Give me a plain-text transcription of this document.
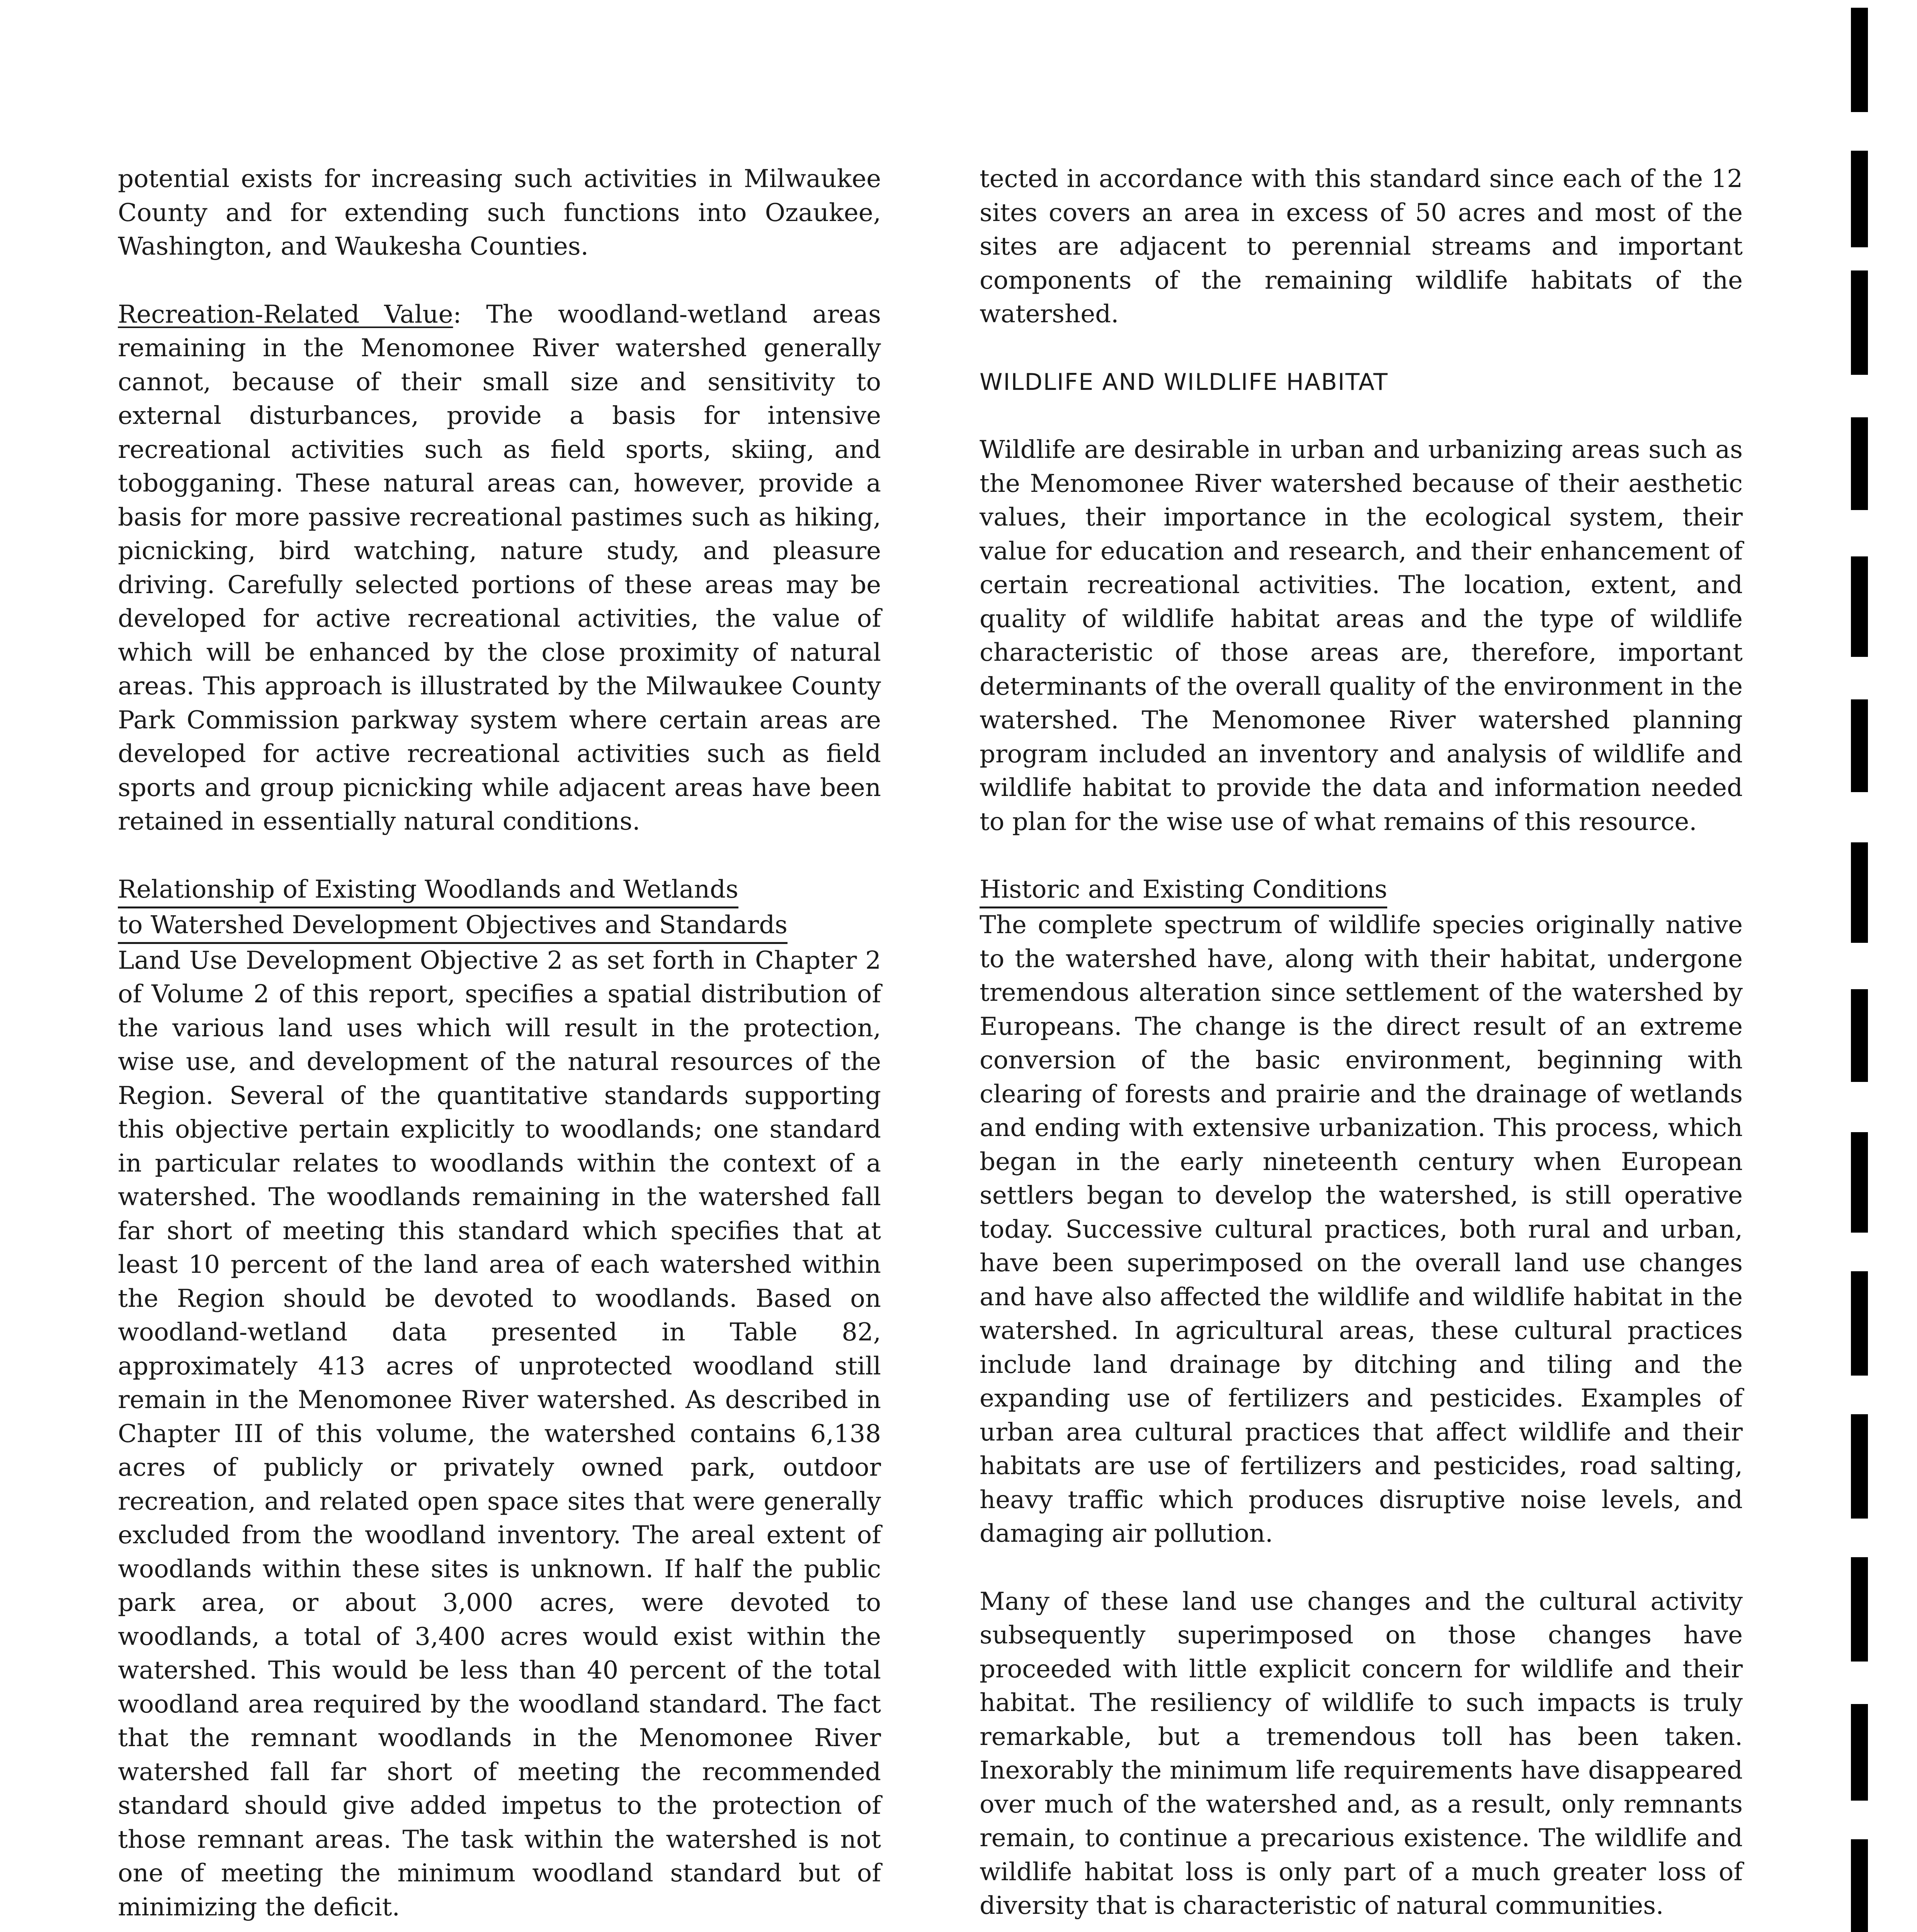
potential exists for increasing such activities in Milwaukee County and for extending such functions into Ozaukee, Washington, and Waukesha Counties.

Recreation-Related Value: The woodland-wetland areas remaining in the Menomonee River watershed generally cannot, because of their small size and sensitivity to external disturbances, provide a basis for intensive recreational activities such as field sports, skiing, and tobogganing. These natural areas can, however, provide a basis for more passive recreational pastimes such as hiking, picnicking, bird watching, nature study, and pleasure driving. Carefully selected portions of these areas may be developed for active recreational activities, the value of which will be enhanced by the close proximity of natural areas. This approach is illustrated by the Milwaukee County Park Commission parkway system where certain areas are developed for active recreational activities such as field sports and group picnicking while adjacent areas have been retained in essentially natural conditions.

Relationship of Existing Woodlands and Wetlands
to Watershed Development Objectives and Standards

Land Use Development Objective 2 as set forth in Chapter 2 of Volume 2 of this report, specifies a spatial distribution of the various land uses which will result in the protection, wise use, and development of the natural resources of the Region. Several of the quantitative standards supporting this objective pertain explicitly to woodlands; one standard in particular relates to woodlands within the context of a watershed. The woodlands remaining in the watershed fall far short of meeting this standard which specifies that at least 10 percent of the land area of each watershed within the Region should be devoted to woodlands. Based on woodland-wetland data presented in Table 82, approximately 413 acres of unprotected woodland still remain in the Menomonee River watershed. As described in Chapter III of this volume, the watershed contains 6,138 acres of publicly or privately owned park, outdoor recreation, and related open space sites that were generally excluded from the woodland inventory. The areal extent of woodlands within these sites is unknown. If half the public park area, or about 3,000 acres, were devoted to woodlands, a total of 3,400 acres would exist within the watershed. This would be less than 40 percent of the total woodland area required by the woodland standard. The fact that the remnant woodlands in the Menomonee River watershed fall far short of meeting the recommended standard should give added impetus to the protection of those remnant areas. The task within the watershed is not one of meeting the minimum woodland standard but of minimizing the deficit.

tected in accordance with this standard since each of the 12 sites covers an area in excess of 50 acres and most of the sites are adjacent to perennial streams and important components of the remaining wildlife habitats of the watershed.

WILDLIFE AND WILDLIFE HABITAT

Wildlife are desirable in urban and urbanizing areas such as the Menomonee River watershed because of their aesthetic values, their importance in the ecological system, their value for education and research, and their enhancement of certain recreational activities. The location, extent, and quality of wildlife habitat areas and the type of wildlife characteristic of those areas are, therefore, important determinants of the overall quality of the environment in the watershed. The Menomonee River watershed planning program included an inventory and analysis of wildlife and wildlife habitat to provide the data and information needed to plan for the wise use of what remains of this resource.

Historic and Existing Conditions

The complete spectrum of wildlife species originally native to the watershed have, along with their habitat, undergone tremendous alteration since settlement of the watershed by Europeans. The change is the direct result of an extreme conversion of the basic environment, beginning with clearing of forests and prairie and the drainage of wetlands and ending with extensive urbanization. This process, which began in the early nineteenth century when European settlers began to develop the watershed, is still operative today. Successive cultural practices, both rural and urban, have been superimposed on the overall land use changes and have also affected the wildlife and wildlife habitat in the watershed. In agricultural areas, these cultural practices include land drainage by ditching and tiling and the expanding use of fertilizers and pesticides. Examples of urban area cultural practices that affect wildlife and their habitats are use of fertilizers and pesticides, road salting, heavy traffic which produces disruptive noise levels, and damaging air pollution.

Many of these land use changes and the cultural activity subsequently superimposed on those changes have proceeded with little explicit concern for wildlife and their habitat. The resiliency of wildlife to such impacts is truly remarkable, but a tremendous toll has been taken. Inexorably the minimum life requirements have disappeared over much of the watershed and, as a result, only remnants remain, to continue a precarious existence. The wildlife and wildlife habitat loss is only part of a much greater loss of diversity that is characteristic of natural communities.
